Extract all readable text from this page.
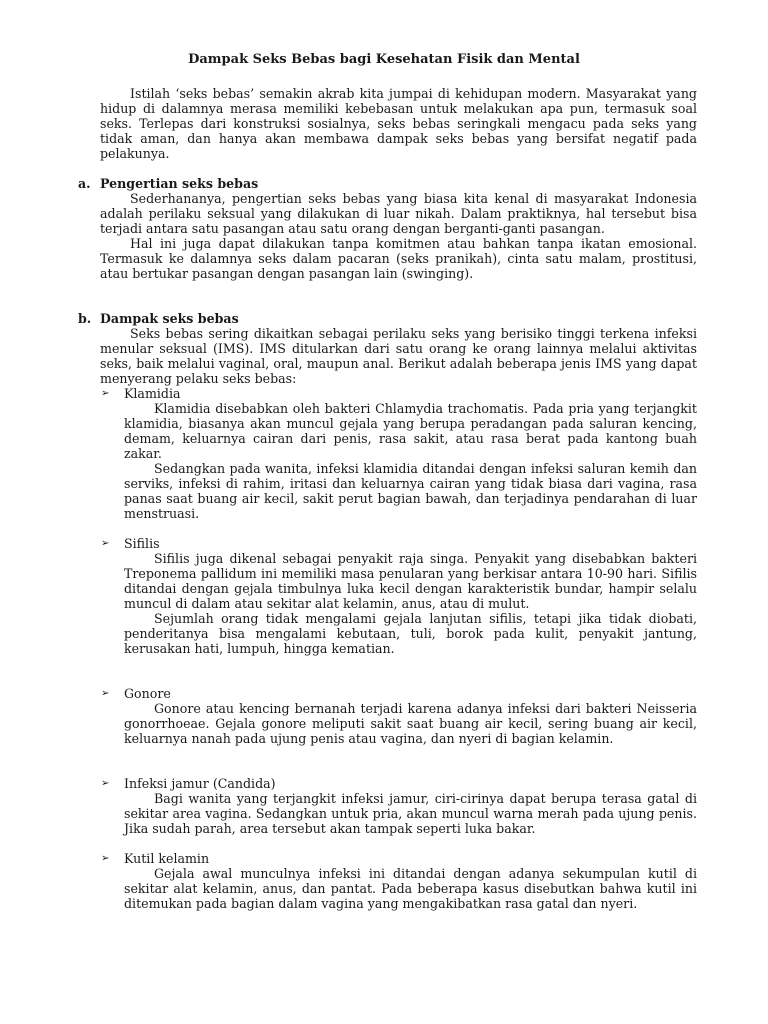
Dampak Seks Bebas bagi Kesehatan Fisik dan Mental

Istilah ‘seks bebas’ semakin akrab kita jumpai di kehidupan modern. Masyarakat yang hidup di dalamnya merasa memiliki kebebasan untuk melakukan apa pun, termasuk soal seks. Terlepas dari konstruksi sosialnya, seks bebas seringkali mengacu pada seks yang tidak aman, dan hanya akan membawa dampak seks bebas yang bersifat negatif pada pelakunya.

a. Pengertian seks bebas

Sederhananya, pengertian seks bebas yang biasa kita kenal di masyarakat Indonesia adalah perilaku seksual yang dilakukan di luar nikah. Dalam praktiknya, hal tersebut bisa terjadi antara satu pasangan atau satu orang dengan berganti-ganti pasangan.

Hal ini juga dapat dilakukan tanpa komitmen atau bahkan tanpa ikatan emosional. Termasuk ke dalamnya seks dalam pacaran (seks pranikah), cinta satu malam, prostitusi, atau bertukar pasangan dengan pasangan lain (swinging).

b. Dampak seks bebas

Seks bebas sering dikaitkan sebagai perilaku seks yang berisiko tinggi terkena infeksi menular seksual (IMS). IMS ditularkan dari satu orang ke orang lainnya melalui aktivitas seks, baik melalui vaginal, oral, maupun anal. Berikut adalah beberapa jenis IMS yang dapat menyerang pelaku seks bebas:

➢ Klamidia

Klamidia disebabkan oleh bakteri Chlamydia trachomatis. Pada pria yang terjangkit klamidia, biasanya akan muncul gejala yang berupa peradangan pada saluran kencing, demam, keluarnya cairan dari penis, rasa sakit, atau rasa berat pada kantong buah zakar.

Sedangkan pada wanita, infeksi klamidia ditandai dengan infeksi saluran kemih dan serviks, infeksi di rahim, iritasi dan keluarnya cairan yang tidak biasa dari vagina, rasa panas saat buang air kecil, sakit perut bagian bawah, dan terjadinya pendarahan di luar menstruasi.

➢ Sifilis

Sifilis juga dikenal sebagai penyakit raja singa. Penyakit yang disebabkan bakteri Treponema pallidum ini memiliki masa penularan yang berkisar antara 10-90 hari. Sifilis ditandai dengan gejala timbulnya luka kecil dengan karakteristik bundar, hampir selalu muncul di dalam atau sekitar alat kelamin, anus, atau di mulut.

Sejumlah orang tidak mengalami gejala lanjutan sifilis, tetapi jika tidak diobati, penderitanya bisa mengalami kebutaan, tuli, borok pada kulit, penyakit jantung, kerusakan hati, lumpuh, hingga kematian.

➢ Gonore

Gonore atau kencing bernanah terjadi karena adanya infeksi dari bakteri Neisseria gonorrhoeae. Gejala gonore meliputi sakit saat buang air kecil, sering buang air kecil, keluarnya nanah pada ujung penis atau vagina, dan nyeri di bagian kelamin.

➢ Infeksi jamur (Candida)

Bagi wanita yang terjangkit infeksi jamur, ciri-cirinya dapat berupa terasa gatal di sekitar area vagina. Sedangkan untuk pria, akan muncul warna merah pada ujung penis. Jika sudah parah, area tersebut akan tampak seperti luka bakar.

➢ Kutil kelamin

Gejala awal munculnya infeksi ini ditandai dengan adanya sekumpulan kutil di sekitar alat kelamin, anus, dan pantat. Pada beberapa kasus disebutkan bahwa kutil ini ditemukan pada bagian dalam vagina yang mengakibatkan rasa gatal dan nyeri.
